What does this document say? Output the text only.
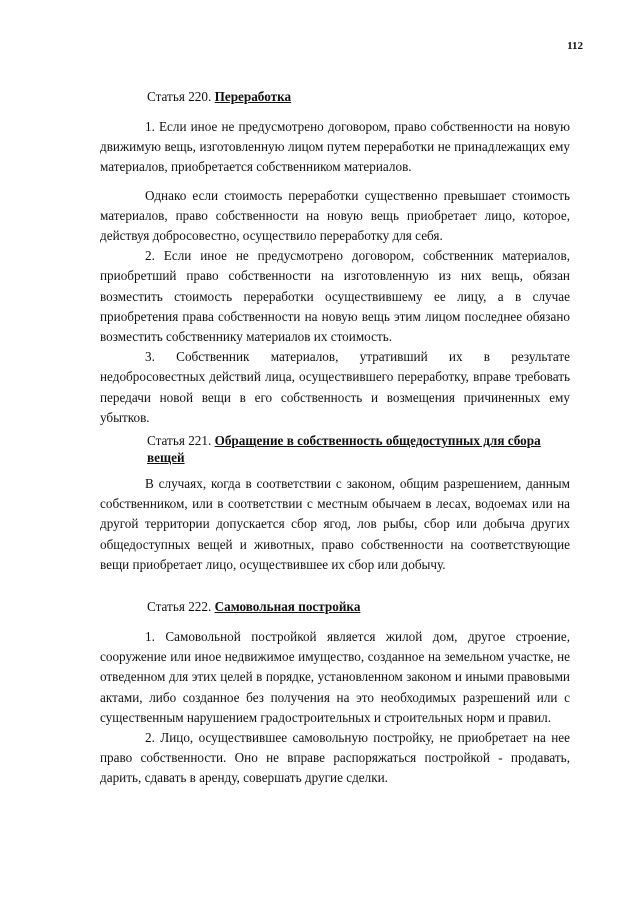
112
Статья 220. Переработка

1. Если иное не предусмотрено договором, право собственности на новую движимую вещь, изготовленную лицом путем переработки не принадлежащих ему материалов, приобретается собственником материалов.

Однако если стоимость переработки существенно превышает стоимость материалов, право собственности на новую вещь приобретает лицо, которое, действуя добросовестно, осуществило переработку для себя.

2. Если иное не предусмотрено договором, собственник материалов, приобретший право собственности на изготовленную из них вещь, обязан возместить стоимость переработки осуществившему ее лицу, а в случае приобретения права собственности на новую вещь этим лицом последнее обязано возместить собственнику материалов их стоимость.

3. Собственник материалов, утративший их в результате недобросовестных действий лица, осуществившего переработку, вправе требовать передачи новой вещи в его собственность и возмещения причиненных ему убытков.

Статья 221. Обращение в собственность общедоступных для сбора вещей

В случаях, когда в соответствии с законом, общим разрешением, данным собственником, или в соответствии с местным обычаем в лесах, водоемах или на другой территории допускается сбор ягод, лов рыбы, сбор или добыча других общедоступных вещей и животных, право собственности на соответствующие вещи приобретает лицо, осуществившее их сбор или добычу.

Статья 222. Самовольная постройка

1. Самовольной постройкой является жилой дом, другое строение, сооружение или иное недвижимое имущество, созданное на земельном участке, не отведенном для этих целей в порядке, установленном законом и иными правовыми актами, либо созданное без получения на это необходимых разрешений или с существенным нарушением градостроительных и строительных норм и правил.

2. Лицо, осуществившее самовольную постройку, не приобретает на нее право собственности. Оно не вправе распоряжаться постройкой - продавать, дарить, сдавать в аренду, совершать другие сделки.
